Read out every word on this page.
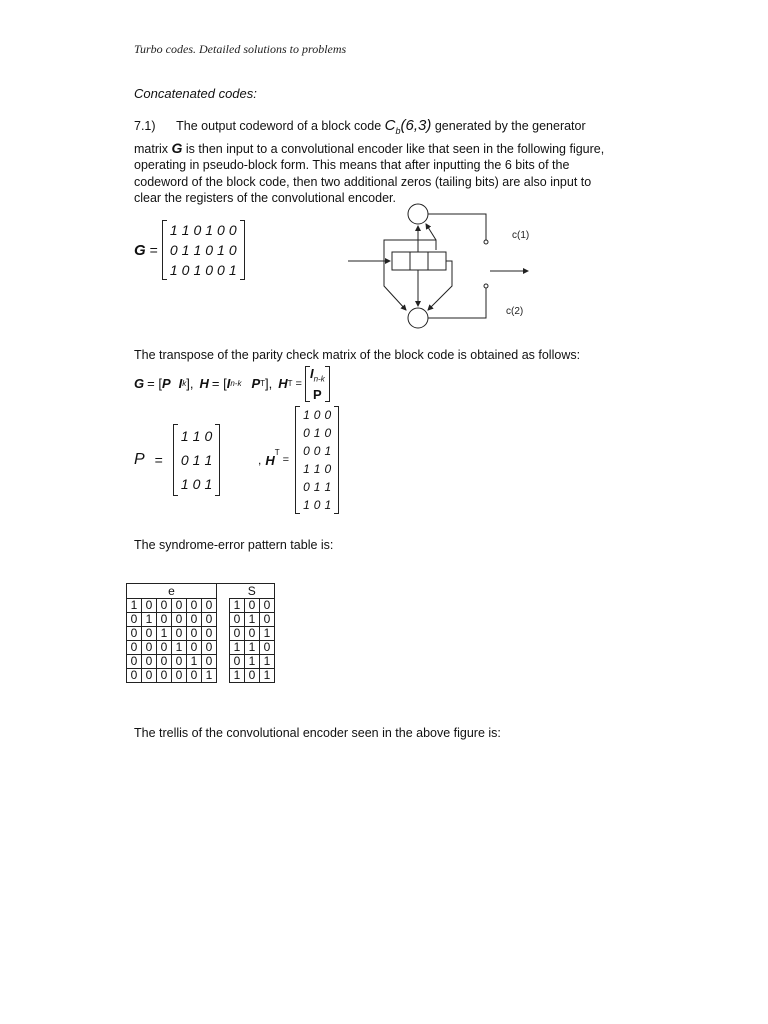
Turbo codes. Detailed solutions to problems
Concatenated codes:
7.1) The output codeword of a block code $C_b(6,3)$ generated by the generator
matrix G is then input to a convolutional encoder like that seen in the following figure,
operating in pseudo-block form. This means that after inputting the 6 bits of the
codeword of the block code, then two additional zeros (tailing bits) are also input to
clear the registers of the convolutional encoder.
G =
1	1	0	1	0	0
0	1	1	0	1	0
1	0	1	0	0	1
c(1)
c(2)
The transpose of the parity check matrix of the block code is obtained as follows:
G = [ P I k ], H = [ I n-k P T ], H T =
$I_{n-k}$
P
P =
1	1	0
0	1	1
1	0	1
, $H^T$
=
1	0	0
0	1	0
0	0	1
1	1	0
0	1	1
1	0	1
The syndrome-error pattern table is:
e							S		
1	0	0	0	0	0		1	0	0
0	1	0	0	0	0		0	1	0
0	0	1	0	0	0		0	0	1
0	0	0	1	0	0		1	1	0
0	0	0	0	1	0		0	1	1
0	0	0	0	0	1		1	0	1
The trellis of the convolutional encoder seen in the above figure is:
